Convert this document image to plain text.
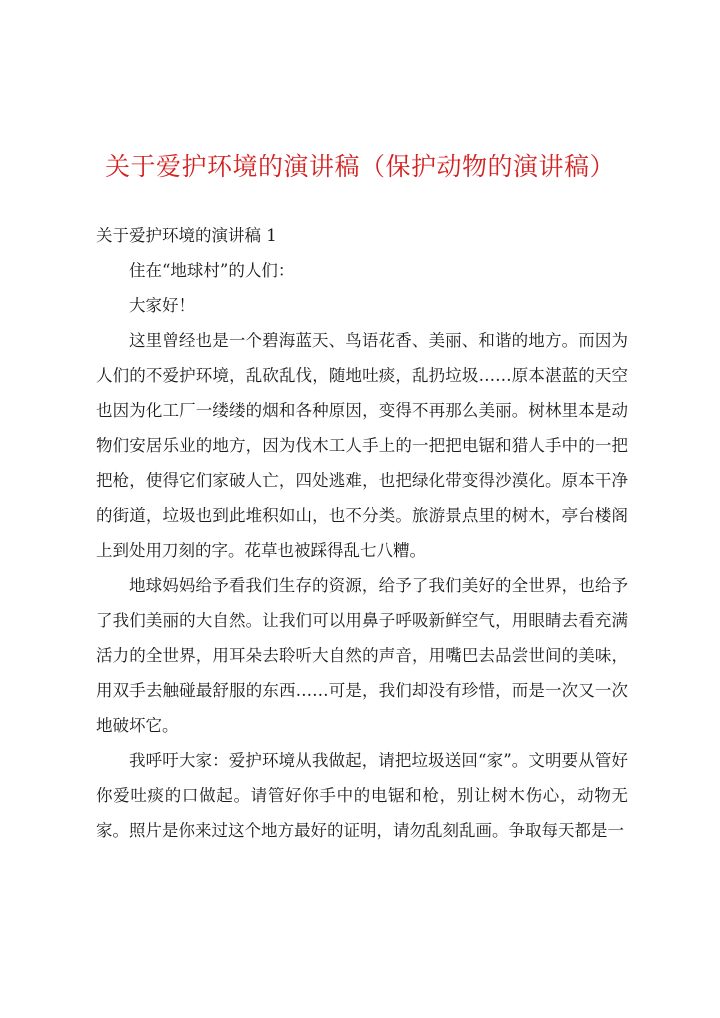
关于爱护环境的演讲稿（保护动物的演讲稿）

关于爱护环境的演讲稿 1

住在“地球村”的人们：

大家好！

这里曾经也是一个碧海蓝天、鸟语花香、美丽、和谐的地方。而因为人们的不爱护环境，乱砍乱伐，随地吐痰，乱扔垃圾……原本湛蓝的天空也因为化工厂一缕缕的烟和各种原因，变得不再那么美丽。树林里本是动物们安居乐业的地方，因为伐木工人手上的一把把电锯和猎人手中的一把把枪，使得它们家破人亡，四处逃难，也把绿化带变得沙漠化。原本干净的街道，垃圾也到此堆积如山，也不分类。旅游景点里的树木，亭台楼阁上到处用刀刻的字。花草也被踩得乱七八糟。

地球妈妈给予看我们生存的资源，给予了我们美好的全世界，也给予了我们美丽的大自然。让我们可以用鼻子呼吸新鲜空气，用眼睛去看充满活力的全世界，用耳朵去聆听大自然的声音，用嘴巴去品尝世间的美味，用双手去触碰最舒服的东西……可是，我们却没有珍惜，而是一次又一次地破坏它。

我呼吁大家：爱护环境从我做起，请把垃圾送回“家”。文明要从管好你爱吐痰的口做起。请管好你手中的电锯和枪，别让树木伤心，动物无家。照片是你来过这个地方最好的证明，请勿乱刻乱画。争取每天都是一
